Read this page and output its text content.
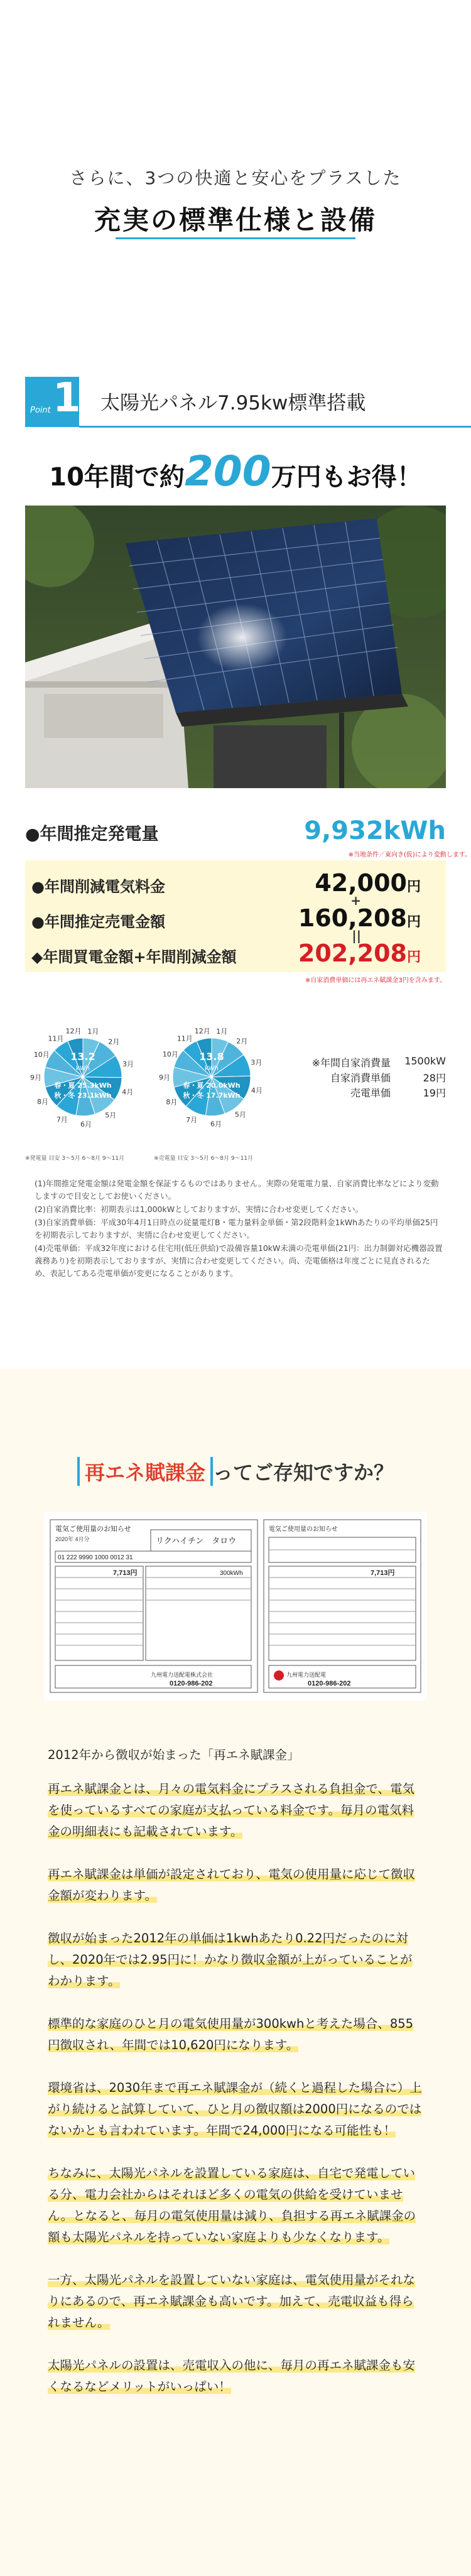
さらに、3つの快適と安心をプラスした
充実の標準仕様と設備
Point 1 太陽光パネル7.95kw標準搭載
10年間で約200万円もお得！
●年間推定発電量	9,932kWh
※当地条件／東向き(仮)により変動します。
●年間削減電気料金	42,000円
+
●年間推定売電金額	160,208円
||
◆年間買電金額+年間削減金額	202,208円
※自家消費単価には再エネ賦課金3円を含みます。
1月
2月
3月
4月
5月
6月
7月
8月
9月
10月
11月
12月
13.2
kWh
春・夏 25.3kWh
秋・冬 23.1kWh
※発電量 目安 3〜5月 6〜8月 9〜11月
1月
2月
3月
4月
5月
6月
7月
8月
9月
10月
11月
12月
13.8
kWh
春・夏 20.0kWh
秋・冬 17.7kWh
※売電量 目安 3〜5月 6〜8月 9〜11月
※年間自家消費量 1500kW
自家消費単価	28円
売電単価	19円

(1)年間推定発電金額は発電金額を保証するものではありません。実際の発電電力量、自家消費比率などにより変動しますので目安としてお使いください。

(2)自家消費比率：初期表示は1,000kWとしておりますが、実情に合わせ変更してください。

(3)自家消費単価：平成30年4月1日時点の従量電灯B・電力量料金単価・第2段階料金1kWhあたりの平均単価25円を初期表示しておりますが、実情に合わせ変更してください。

(4)売電単価：平成32年度における住宅用(低圧供給)で設備容量10kW未満の売電単価(21円：出力制御対応機器設置義務あり)を初期表示しておりますが、実情に合わせ変更してください。尚、売電価格は年度ごとに見直されるため、表記してある売電単価が変更になることがあります。

再エネ賦課金 ってご存知ですか？
電気ご使用量のお知らせ
2020年 4月分	リクハイチン　タロウ
01 222 9990 1000 0012 31
7,713円	300kWh
九州電力送配電株式会社
0120-986-202
電気ご使用量のお知らせ
7,713円
九州電力送配電
0120-986-202

2012年から徴収が始まった「再エネ賦課金」

再エネ賦課金とは、月々の電気料金にプラスされる負担金で、電気を使っているすべての家庭が支払っている料金です。毎月の電気料金の明細表にも記載されています。

再エネ賦課金は単価が設定されており、電気の使用量に応じて徴収金額が変わります。

徴収が始まった2012年の単価は1kwhあたり0.22円だったのに対し、2020年では2.95円に！かなり徴収金額が上がっていることがわかります。

標準的な家庭のひと月の電気使用量が300kwhと考えた場合、855円徴収され、年間では10,620円になります。

環境省は、2030年まで再エネ賦課金が（続くと過程した場合に）上がり続けると試算していて、ひと月の徴収額は2000円になるのではないかとも言われています。年間で24,000円になる可能性も！

ちなみに、太陽光パネルを設置している家庭は、自宅で発電している分、電力会社からはそれほど多くの電気の供給を受けていません。となると、毎月の電気使用量は減り、負担する再エネ賦課金の額も太陽光パネルを持っていない家庭よりも少なくなります。

一方、太陽光パネルを設置していない家庭は、電気使用量がそれなりにあるので、再エネ賦課金も高いです。加えて、売電収益も得られません。

太陽光パネルの設置は、売電収入の他に、毎月の再エネ賦課金も安くなるなどメリットがいっぱい！
